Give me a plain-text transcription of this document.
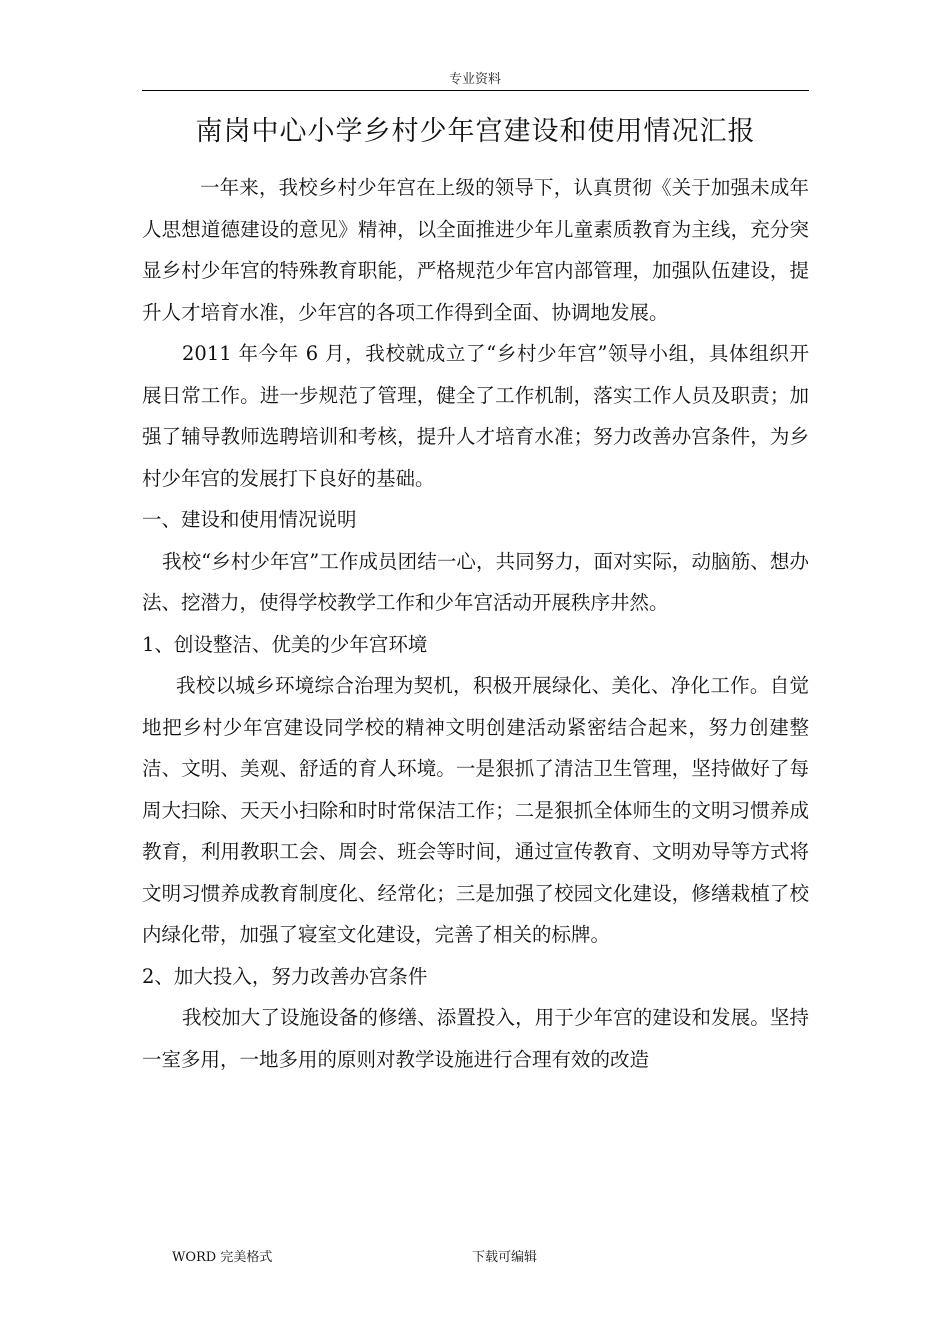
专业资料
南岗中心小学乡村少年宫建设和使用情况汇报

一年来，我校乡村少年宫在上级的领导下，认真贯彻《关于加强未成年人思想道德建设的意见》精神，以全面推进少年儿童素质教育为主线，充分突显乡村少年宫的特殊教育职能，严格规范少年宫内部管理，加强队伍建设，提升人才培育水准，少年宫的各项工作得到全面、协调地发展。

2011 年今年 6 月，我校就成立了“乡村少年宫”领导小组，具体组织开展日常工作。进一步规范了管理，健全了工作机制，落实工作人员及职责；加强了辅导教师选聘培训和考核，提升人才培育水准；努力改善办宫条件，为乡村少年宫的发展打下良好的基础。

一、建设和使用情况说明

我校“乡村少年宫”工作成员团结一心，共同努力，面对实际，动脑筋、想办法、挖潜力，使得学校教学工作和少年宫活动开展秩序井然。

1、创设整洁、优美的少年宫环境

我校以城乡环境综合治理为契机，积极开展绿化、美化、净化工作。自觉地把乡村少年宫建设同学校的精神文明创建活动紧密结合起来，努力创建整洁、文明、美观、舒适的育人环境。一是狠抓了清洁卫生管理，坚持做好了每周大扫除、天天小扫除和时时常保洁工作；二是狠抓全体师生的文明习惯养成教育，利用教职工会、周会、班会等时间，通过宣传教育、文明劝导等方式将文明习惯养成教育制度化、经常化；三是加强了校园文化建设，修缮栽植了校内绿化带，加强了寝室文化建设，完善了相关的标牌。

2、加大投入，努力改善办宫条件

我校加大了设施设备的修缮、添置投入，用于少年宫的建设和发展。坚持一室多用，一地多用的原则对教学设施进行合理有效的改造

WORD 完美格式	下载可编辑
